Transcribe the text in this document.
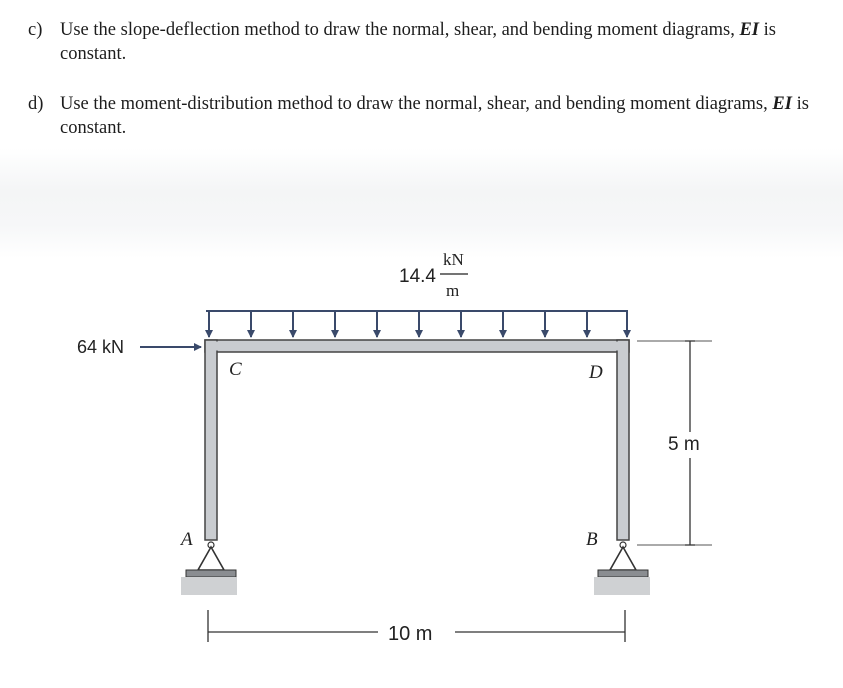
c) Use the slope-deflection method to draw the normal, shear, and bending moment diagrams, EI is constant.
d) Use the moment-distribution method to draw the normal, shear, and bending moment diagrams, EI is constant.
14.4
kN
m
64 kN
C	D
A	B
5 m
10 m
